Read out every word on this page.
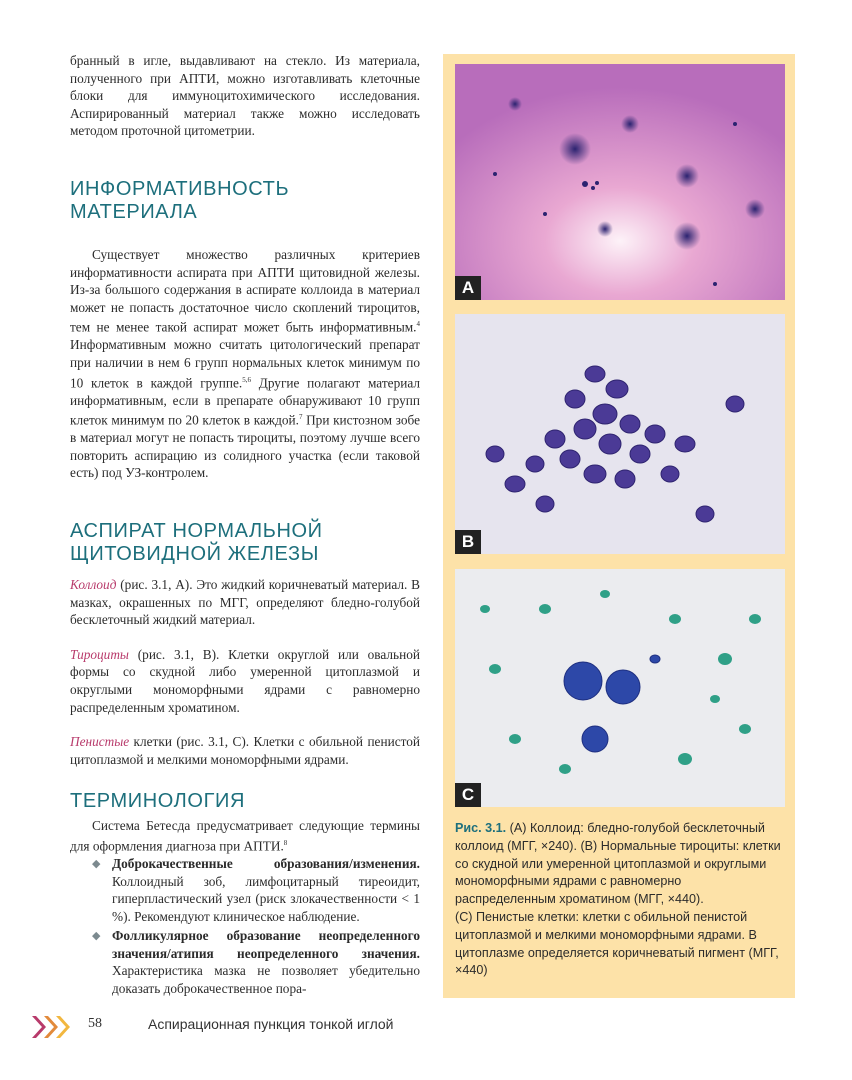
бранный в игле, выдавливают на стекло. Из материала, полученного при АПТИ, можно изготавливать клеточные блоки для иммуноцитохимического исследования. Аспирированный материал также можно исследовать методом проточной цитометрии.

ИНФОРМАТИВНОСТЬ МАТЕРИАЛА

Существует множество различных критериев информативности аспирата при АПТИ щитовидной железы. Из-за большого содержания в аспирате коллоида в материал может не попасть достаточное число скоплений тироцитов, тем не менее такой аспират может быть информативным.$^4$ Информативным можно считать цитологический препарат при наличии в нем 6 групп нормальных клеток минимум по 10 клеток в каждой группе.$^{5,6}$ Другие полагают материал информативным, если в препарате обнаруживают 10 групп клеток минимум по 20 клеток в каждой.$^7$ При кистозном зобе в материал могут не попасть тироциты, поэтому лучше всего повторить аспирацию из солидного участка (если таковой есть) под УЗ-контролем.

АСПИРАТ НОРМАЛЬНОЙ
ЩИТОВИДНОЙ ЖЕЛЕЗЫ

Коллоид (рис. 3.1, А). Это жидкий коричневатый материал. В мазках, окрашенных по МГГ, определяют бледно-голубой бесклеточный жидкий материал.

Тироциты (рис. 3.1, B). Клетки округлой или овальной формы со скудной либо умеренной цитоплазмой и округлыми мономорфными ядрами с равномерно распределенным хроматином.

Пенистые клетки (рис. 3.1, C). Клетки с обильной пенистой цитоплазмой и мелкими мономорфными ядрами.

ТЕРМИНОЛОГИЯ

Система Бетесда предусматривает следующие термины для оформления диагноза при АПТИ.$^8$

◆ Доброкачественные образования/изменения. Коллоидный зоб, лимфоцитарный тиреоидит, гиперпластический узел (риск злокачественности < 1 %). Рекомендуют клиническое наблюдение.
◆ Фолликулярное образование неопределенного значения/атипия неопределенного значения. Характеристика мазка не позволяет убедительно доказать доброкачественное пора-
A
B
C
Рис. 3.1. (A) Коллоид: бледно-голубой бесклеточный коллоид (МГГ, ×240). (B) Нормальные тироциты: клетки со скудной или умеренной цитоплазмой и округлыми мономорфными ядрами с равномерно распределенным хроматином (МГГ, ×440).
(C) Пенистые клетки: клетки с обильной пенистой цитоплазмой и мелкими мономорфными ядрами. В цитоплазме определяется коричневатый пигмент (МГГ, ×440)
58	Аспирационная пункция тонкой иглой
